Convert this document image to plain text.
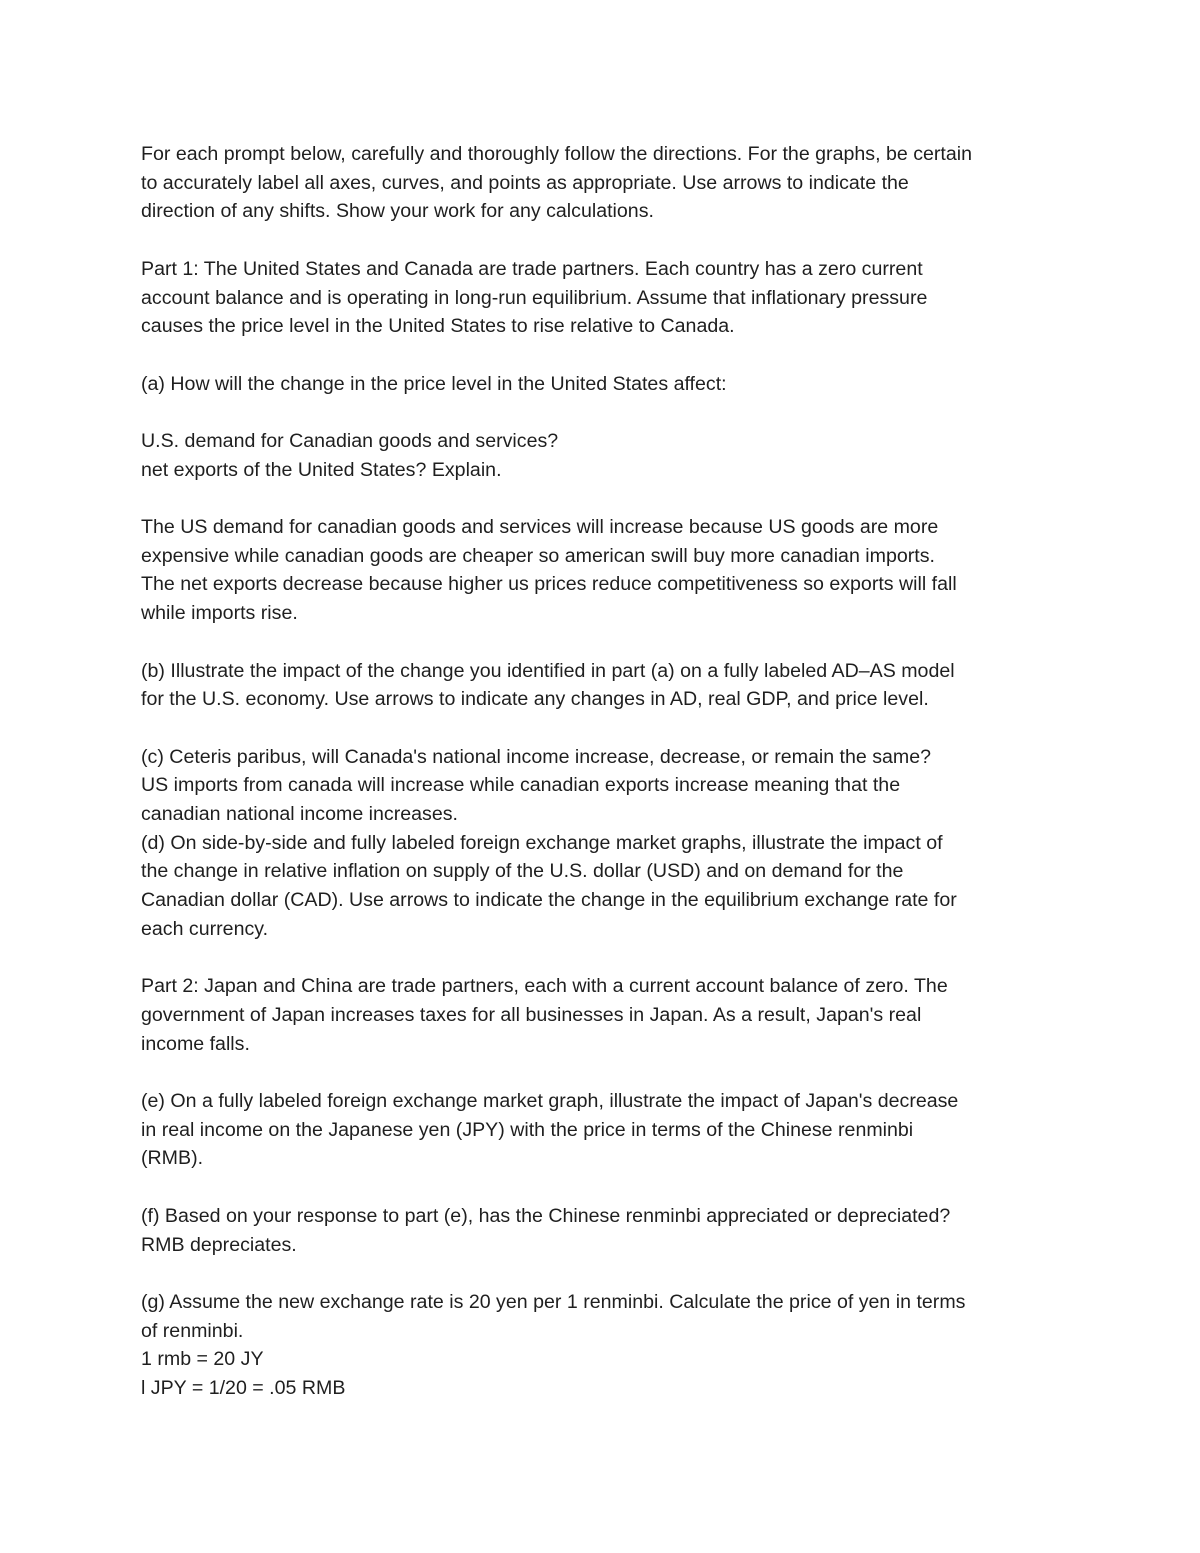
For each prompt below, carefully and thoroughly follow the directions. For the graphs, be certain

to accurately label all axes, curves, and points as appropriate. Use arrows to indicate the

direction of any shifts. Show your work for any calculations.

Part 1: The United States and Canada are trade partners. Each country has a zero current

account balance and is operating in long-run equilibrium. Assume that inflationary pressure

causes the price level in the United States to rise relative to Canada.

(a) How will the change in the price level in the United States affect:

U.S. demand for Canadian goods and services?

net exports of the United States? Explain.

The US demand for canadian goods and services will increase because US goods are more

expensive while canadian goods are cheaper so american swill buy more canadian imports.

The net exports decrease because higher us prices reduce competitiveness so exports will fall

while imports rise.

(b) Illustrate the impact of the change you identified in part (a) on a fully labeled AD–AS model

for the U.S. economy. Use arrows to indicate any changes in AD, real GDP, and price level.

(c) Ceteris paribus, will Canada's national income increase, decrease, or remain the same?

US imports from canada will increase while canadian exports increase meaning that the

canadian national income increases.

(d) On side-by-side and fully labeled foreign exchange market graphs, illustrate the impact of

the change in relative inflation on supply of the U.S. dollar (USD) and on demand for the

Canadian dollar (CAD). Use arrows to indicate the change in the equilibrium exchange rate for

each currency.

Part 2: Japan and China are trade partners, each with a current account balance of zero. The

government of Japan increases taxes for all businesses in Japan. As a result, Japan's real

income falls.

(e) On a fully labeled foreign exchange market graph, illustrate the impact of Japan's decrease

in real income on the Japanese yen (JPY) with the price in terms of the Chinese renminbi

(RMB).

(f) Based on your response to part (e), has the Chinese renminbi appreciated or depreciated?

RMB depreciates.

(g) Assume the new exchange rate is 20 yen per 1 renminbi. Calculate the price of yen in terms

of renminbi.

1 rmb = 20 JY

l JPY = 1/20 = .05 RMB
